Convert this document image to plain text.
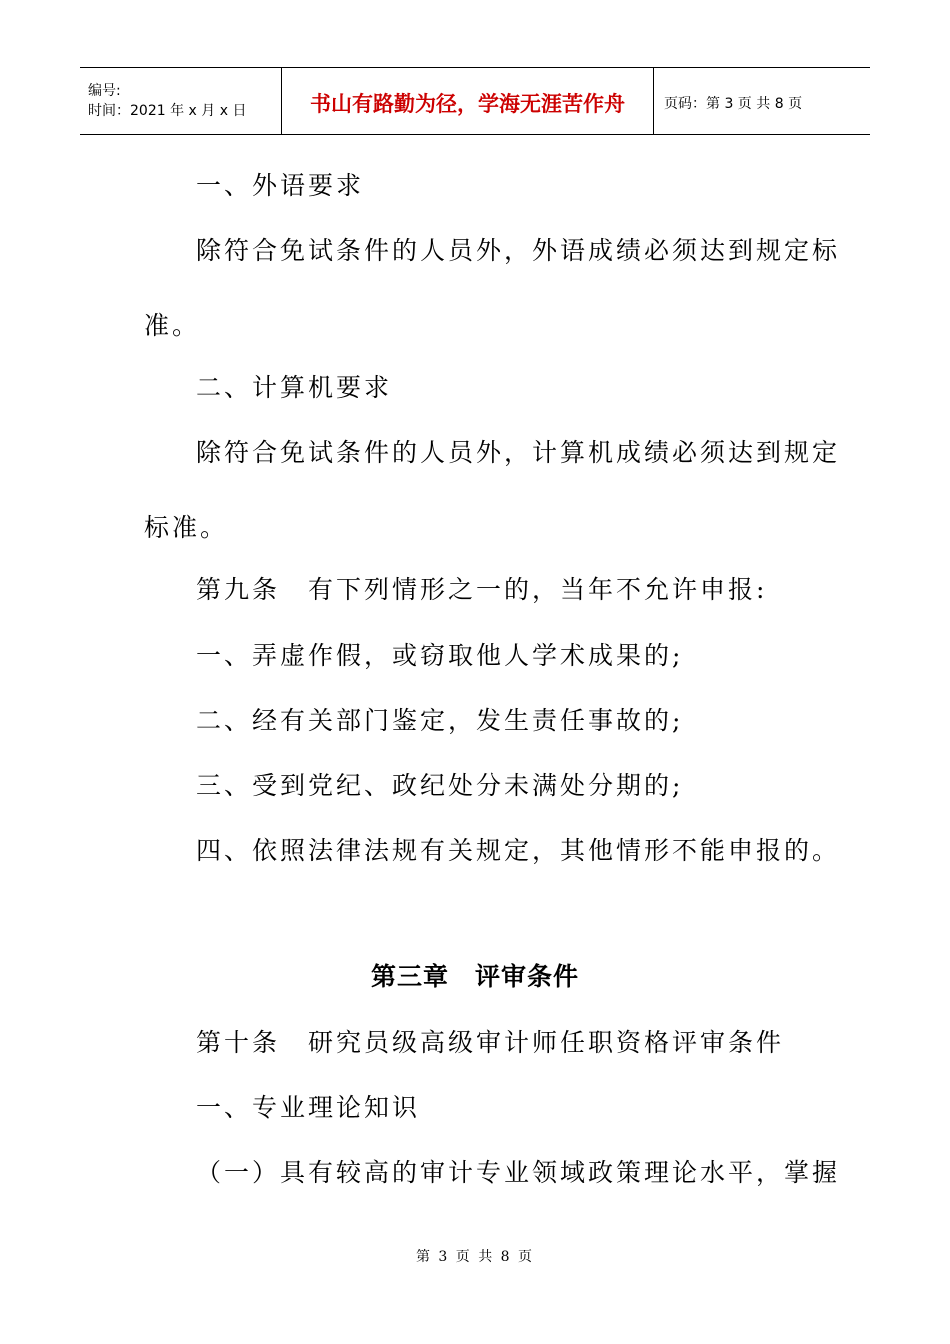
编号:
时间：2021 年 x 月 x 日	书山有路勤为径，学海无涯苦作舟	页码：第 3 页 共 8 页
一、外语要求
除符合免试条件的人员外，外语成绩必须达到规定标
准。
二、计算机要求
除符合免试条件的人员外，计算机成绩必须达到规定
标准。
第九条　有下列情形之一的，当年不允许申报:
一、弄虚作假，或窃取他人学术成果的;
二、经有关部门鉴定，发生责任事故的;
三、受到党纪、政纪处分未满处分期的;
四、依照法律法规有关规定，其他情形不能申报的。
第三章　评审条件
第十条　研究员级高级审计师任职资格评审条件
一、专业理论知识
（一）具有较高的审计专业领域政策理论水平，掌握
第 3 页 共 8 页
